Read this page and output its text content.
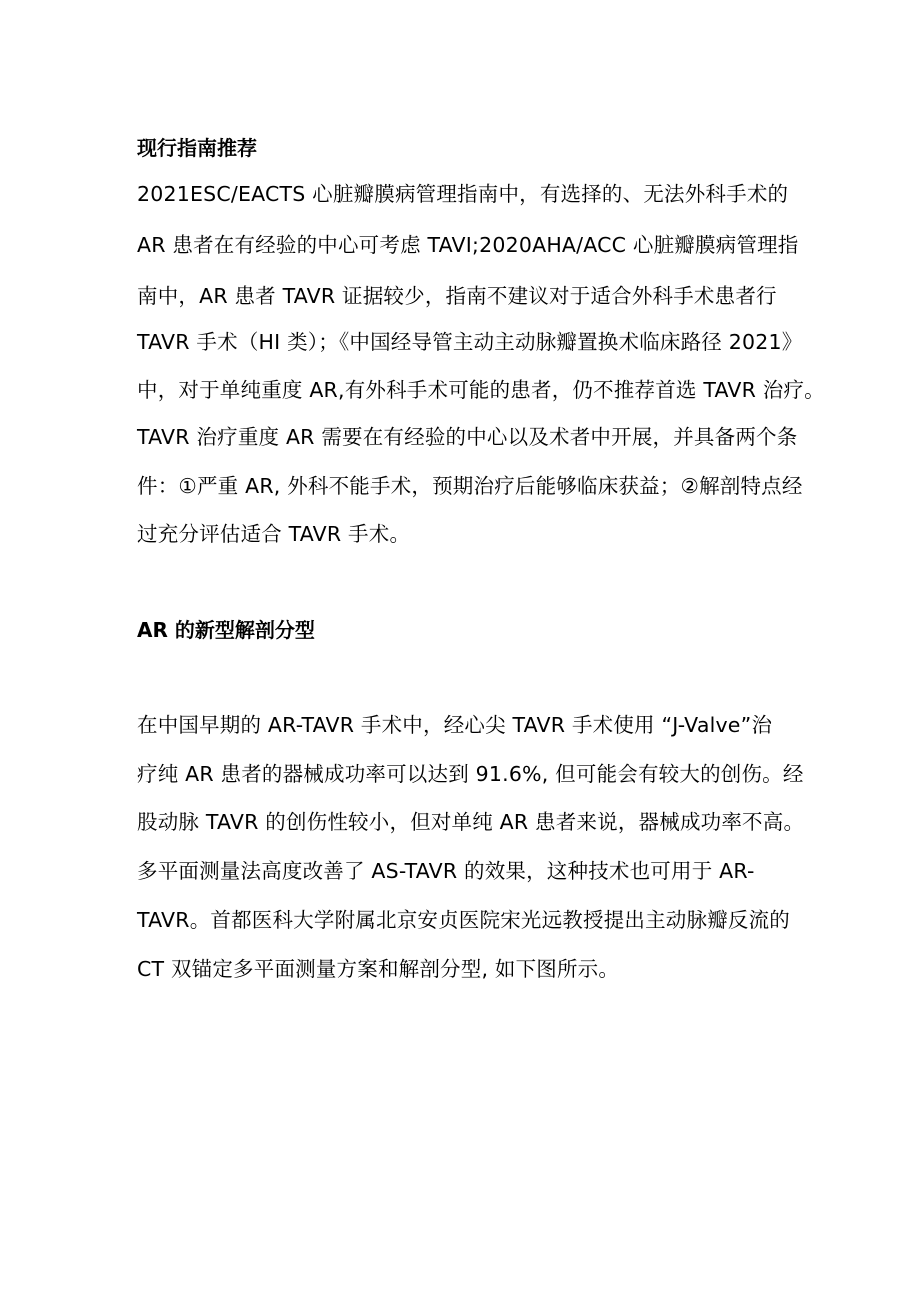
现行指南推荐
2021ESC/EACTS 心脏瓣膜病管理指南中，有选择的、无法外科手术的
AR 患者在有经验的中心可考虑 TAVI;2020AHA/ACC 心脏瓣膜病管理指
南中，AR 患者 TAVR 证据较少，指南不建议对于适合外科手术患者行
TAVR 手术（HI 类）；《中国经导管主动主动脉瓣置换术临床路径 2021》
中，对于单纯重度 AR,有外科手术可能的患者，仍不推荐首选 TAVR 治疗。
TAVR 治疗重度 AR 需要在有经验的中心以及术者中开展，并具备两个条
件：①严重 AR, 外科不能手术，预期治疗后能够临床获益；②解剖特点经
过充分评估适合 TAVR 手术。
AR 的新型解剖分型
在中国早期的 AR-TAVR 手术中，经心尖 TAVR 手术使用 “J-Valve”治
疗纯 AR 患者的器械成功率可以达到 91.6%, 但可能会有较大的创伤。经
股动脉 TAVR 的创伤性较小，但对单纯 AR 患者来说，器械成功率不高。
多平面测量法高度改善了 AS-TAVR 的效果，这种技术也可用于 AR-
TAVR。首都医科大学附属北京安贞医院宋光远教授提出主动脉瓣反流的
CT 双锚定多平面测量方案和解剖分型, 如下图所示。
